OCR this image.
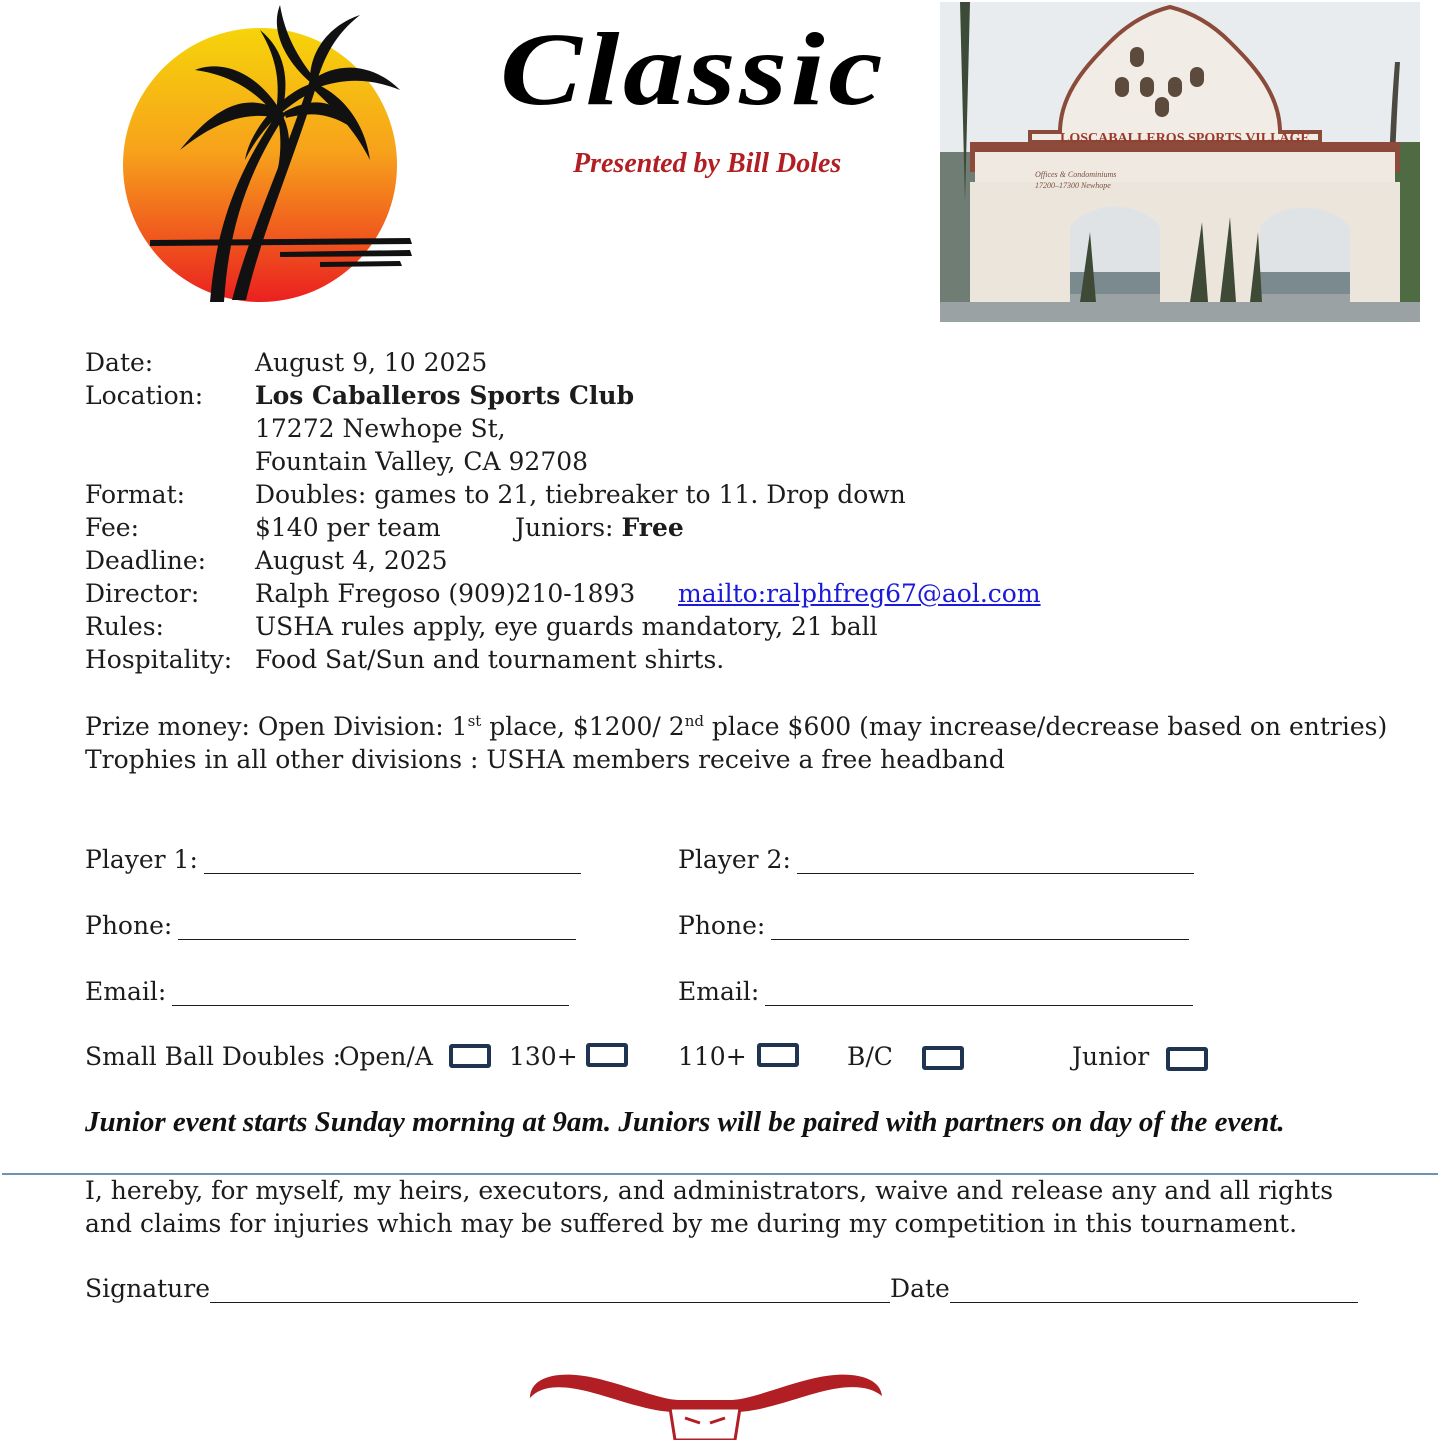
Classic
Presented by Bill Doles
LOSCABALLEROS SPORTS VILLAGE
Offices & Condominiums
17200–17300 Newhope
Date:	August 9, 10 2025
Location:	Los Caballeros Sports Club
17272 Newhope St,
Fountain Valley, CA 92708
Format:	Doubles: games to 21, tiebreaker to 11. Drop down
Fee:	$140 per team	Juniors: Free
Deadline:	August 4, 2025
Director:	Ralph Fregoso (909)210-1893	mailto:ralphfreg67@aol.com
Rules:	USHA rules apply, eye guards mandatory, 21 ball
Hospitality: Food Sat/Sun and tournament shirts.
Prize money: Open Division: 1st place, $1200/ 2nd place $600 (may increase/decrease based on entries)
Trophies in all other divisions : USHA members receive a free headband
Player 1:	Player 2:
Phone:	Phone:
Email:	Email:
Small Ball Doubles :
Open/A	130+	110+	B/C	Junior
Junior event starts Sunday morning at 9am. Juniors will be paired with partners on day of the event.
I, hereby, for myself, my heirs, executors, and administrators, waive and release any and all rights and claims for injuries which may be suffered by me during my competition in this tournament.
Signature	Date
